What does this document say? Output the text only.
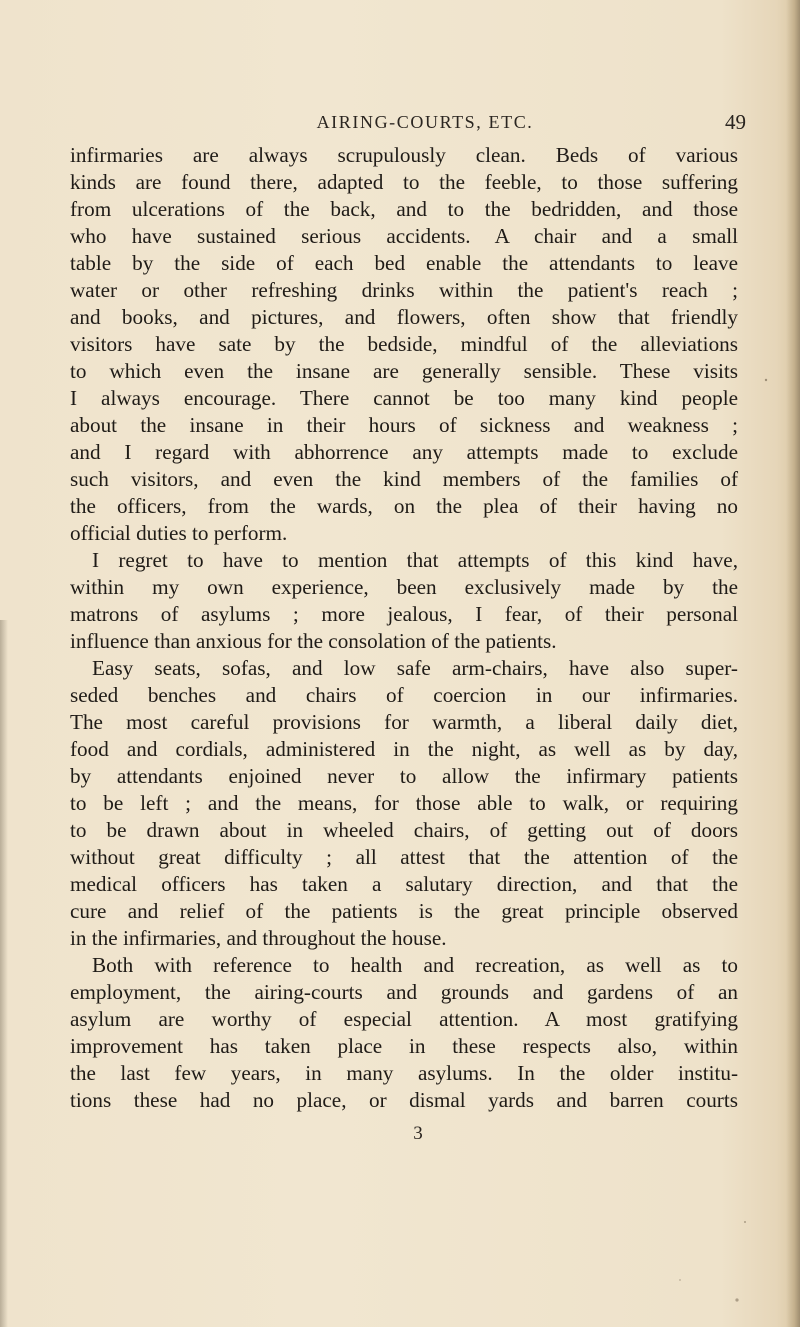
AIRING-COURTS, ETC.	49

infirmaries are always scrupulously clean. Beds of various

kinds are found there, adapted to the feeble, to those suffering

from ulcerations of the back, and to the bedridden, and those

who have sustained serious accidents. A chair and a small

table by the side of each bed enable the attendants to leave

water or other refreshing drinks within the patient's reach ;

and books, and pictures, and flowers, often show that friendly

visitors have sate by the bedside, mindful of the alleviations

to which even the insane are generally sensible. These visits

I always encourage. There cannot be too many kind people

about the insane in their hours of sickness and weakness ;

and I regard with abhorrence any attempts made to exclude

such visitors, and even the kind members of the families of

the officers, from the wards, on the plea of their having no

official duties to perform.

I regret to have to mention that attempts of this kind have,

within my own experience, been exclusively made by the

matrons of asylums ; more jealous, I fear, of their personal

influence than anxious for the consolation of the patients.

Easy seats, sofas, and low safe arm-chairs, have also super-

seded benches and chairs of coercion in our infirmaries.

The most careful provisions for warmth, a liberal daily diet,

food and cordials, administered in the night, as well as by day,

by attendants enjoined never to allow the infirmary patients

to be left ; and the means, for those able to walk, or requiring

to be drawn about in wheeled chairs, of getting out of doors

without great difficulty ; all attest that the attention of the

medical officers has taken a salutary direction, and that the

cure and relief of the patients is the great principle observed

in the infirmaries, and throughout the house.

Both with reference to health and recreation, as well as to

employment, the airing-courts and grounds and gardens of an

asylum are worthy of especial attention. A most gratifying

improvement has taken place in these respects also, within

the last few years, in many asylums. In the older institu-

tions these had no place, or dismal yards and barren courts

3
